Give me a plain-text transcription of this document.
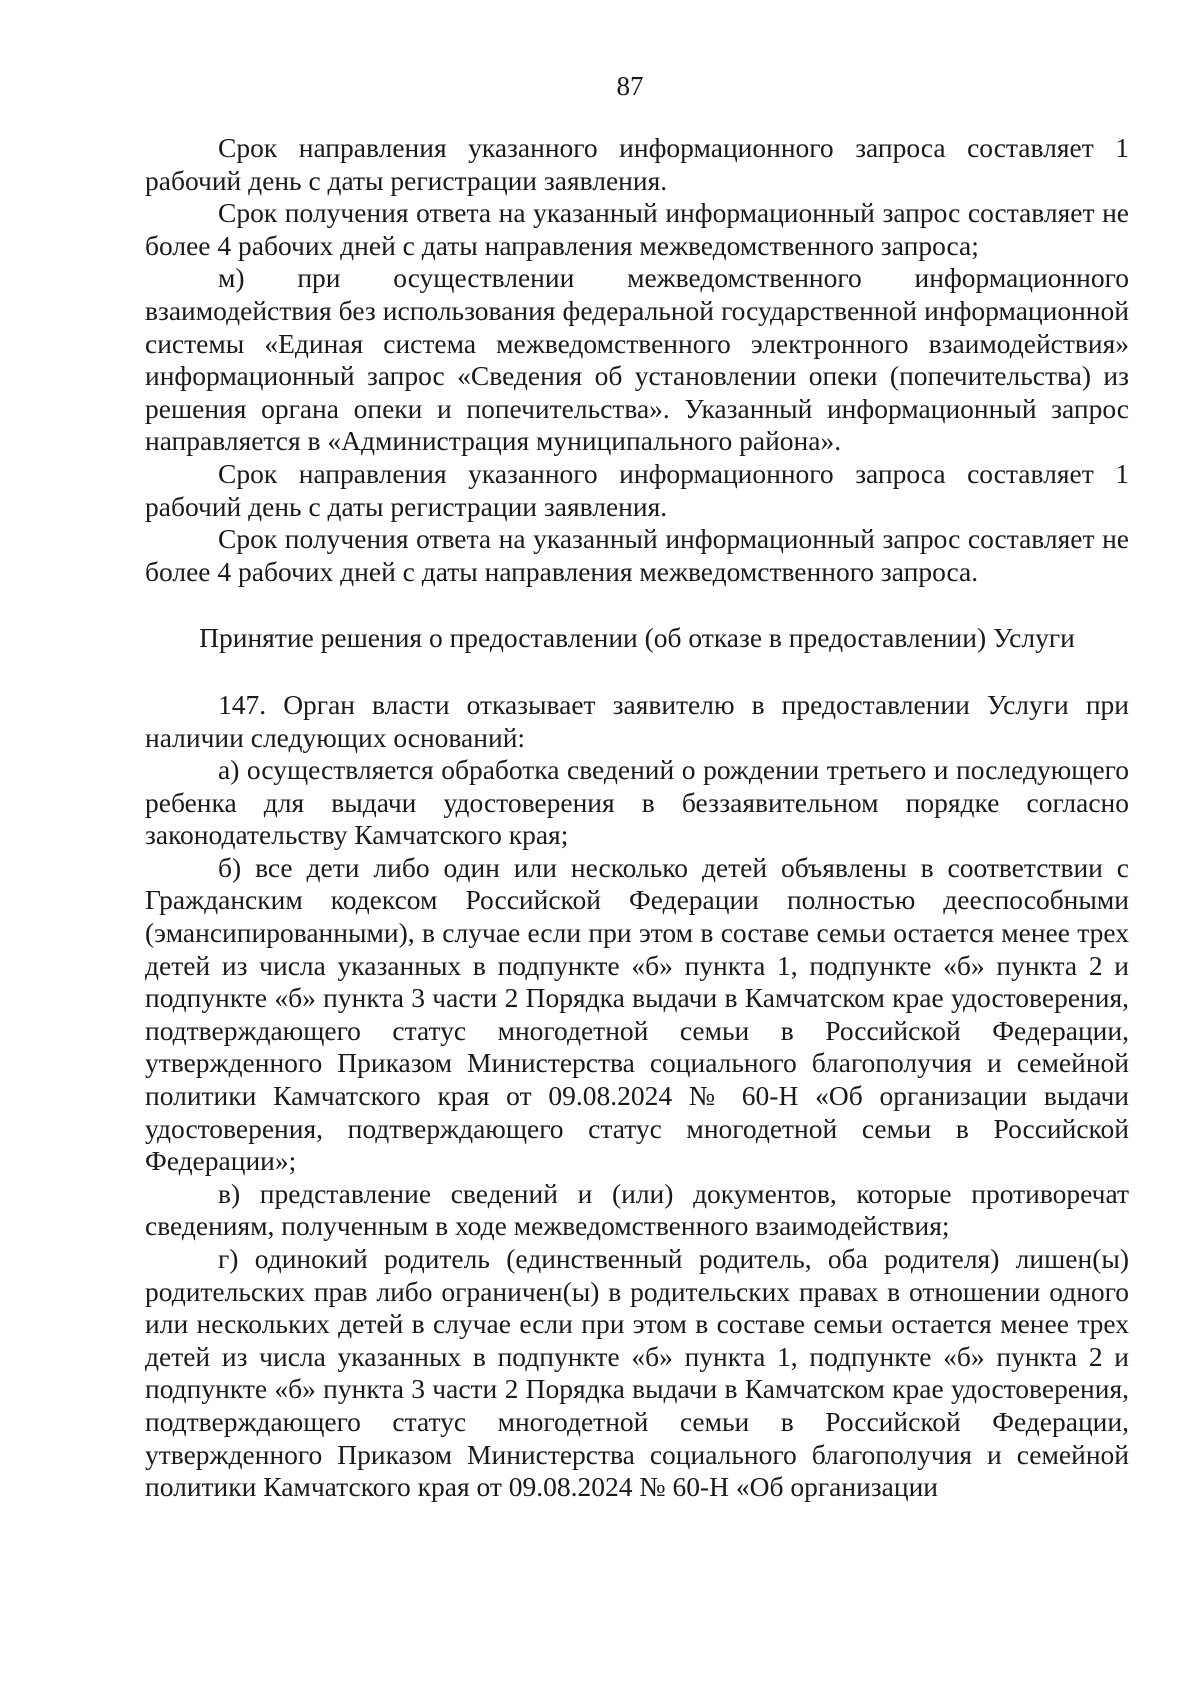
87

Срок направления указанного информационного запроса составляет 1 рабочий день с даты регистрации заявления.

Срок получения ответа на указанный информационный запрос составляет не более 4 рабочих дней с даты направления межведомственного запроса;

м) при осуществлении межведомственного информационного взаимодействия без использования федеральной государственной информационной системы «Единая система межведомственного электронного взаимодействия» информационный запрос «Сведения об установлении опеки (попечительства) из решения органа опеки и попечительства». Указанный информационный запрос направляется в «Администрация муниципального района».

Срок направления указанного информационного запроса составляет 1 рабочий день с даты регистрации заявления.

Срок получения ответа на указанный информационный запрос составляет не более 4 рабочих дней с даты направления межведомственного запроса.

Принятие решения о предоставлении (об отказе в предоставлении) Услуги

147. Орган власти отказывает заявителю в предоставлении Услуги при наличии следующих оснований:

а) осуществляется обработка сведений о рождении третьего и последующего ребенка для выдачи удостоверения в беззаявительном порядке согласно законодательству Камчатского края;

б) все дети либо один или несколько детей объявлены в соответствии с Гражданским кодексом Российской Федерации полностью дееспособными (эмансипированными), в случае если при этом в составе семьи остается менее трех детей из числа указанных в подпункте «б» пункта 1, подпункте «б» пункта 2 и подпункте «б» пункта 3 части 2 Порядка выдачи в Камчатском крае удостоверения, подтверждающего статус многодетной семьи в Российской Федерации, утвержденного Приказом Министерства социального благополучия и семейной политики Камчатского края от 09.08.2024 № 60-Н «Об организации выдачи удостоверения, подтверждающего статус многодетной семьи в Российской Федерации»;

в) представление сведений и (или) документов, которые противоречат сведениям, полученным в ходе межведомственного взаимодействия;

г) одинокий родитель (единственный родитель, оба родителя) лишен(ы) родительских прав либо ограничен(ы) в родительских правах в отношении одного или нескольких детей в случае если при этом в составе семьи остается менее трех детей из числа указанных в подпункте «б» пункта 1, подпункте «б» пункта 2 и подпункте «б» пункта 3 части 2 Порядка выдачи в Камчатском крае удостоверения, подтверждающего статус многодетной семьи в Российской Федерации, утвержденного Приказом Министерства социального благополучия и семейной политики Камчатского края от 09.08.2024 № 60-Н «Об организации
